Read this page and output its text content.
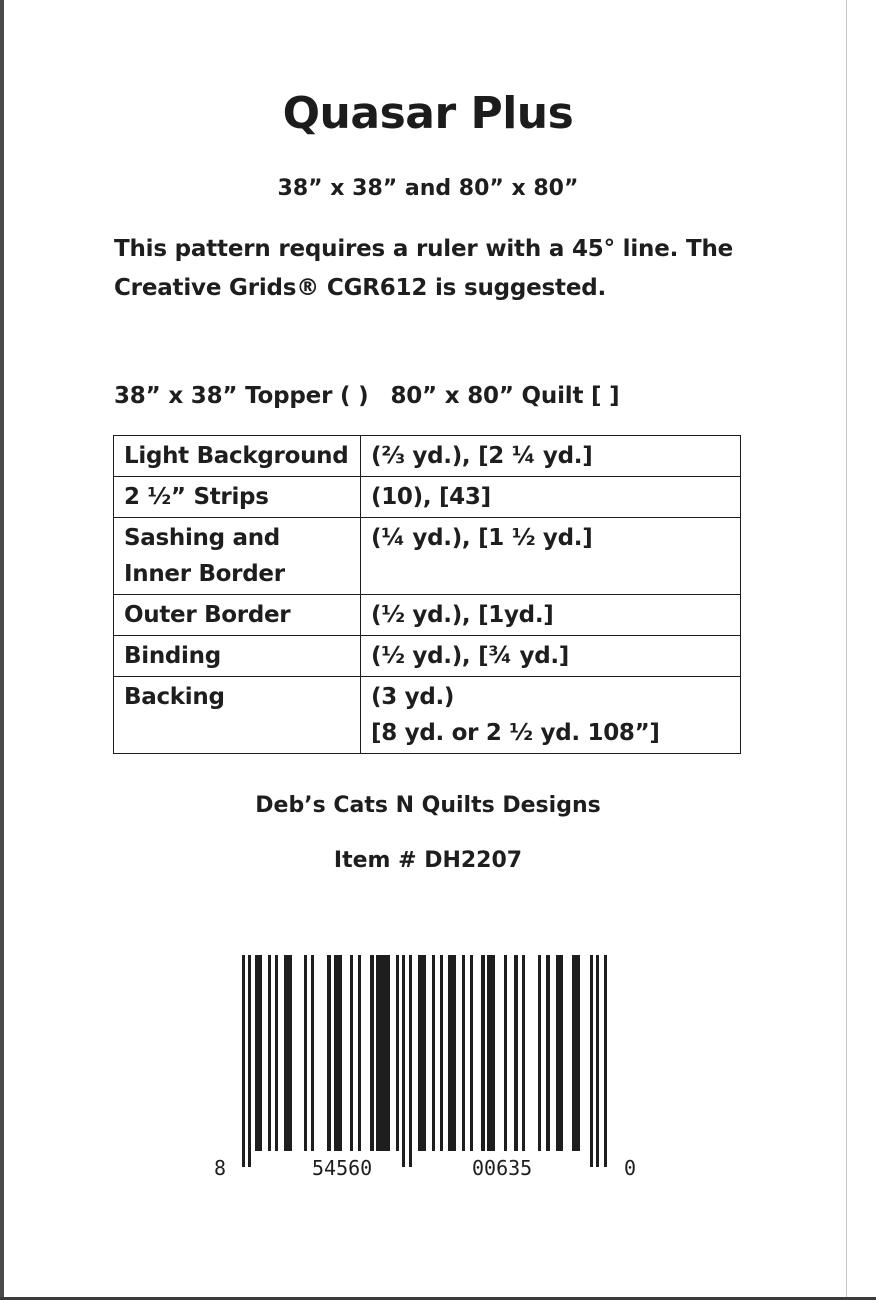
Quasar Plus
38” x 38” and 80” x 80”
This pattern requires a ruler with a 45° line. The
Creative Grids® CGR612 is suggested.
38” x 38” Topper ( ) 80” x 80” Quilt [ ]
Light Background	(⅔ yd.), [2 ¼ yd.]
2 ½” Strips	(10), [43]

Sashing and
Inner Border	(¼ yd.), [1 ½ yd.]
Outer Border	(½ yd.), [1yd.]
Binding	(½ yd.), [¾ yd.]
Backing	(3 yd.)
[8 yd. or 2 ½ yd. 108”]
Deb’s Cats N Quilts Designs
Item # DH2207
8	54560	00635	0
